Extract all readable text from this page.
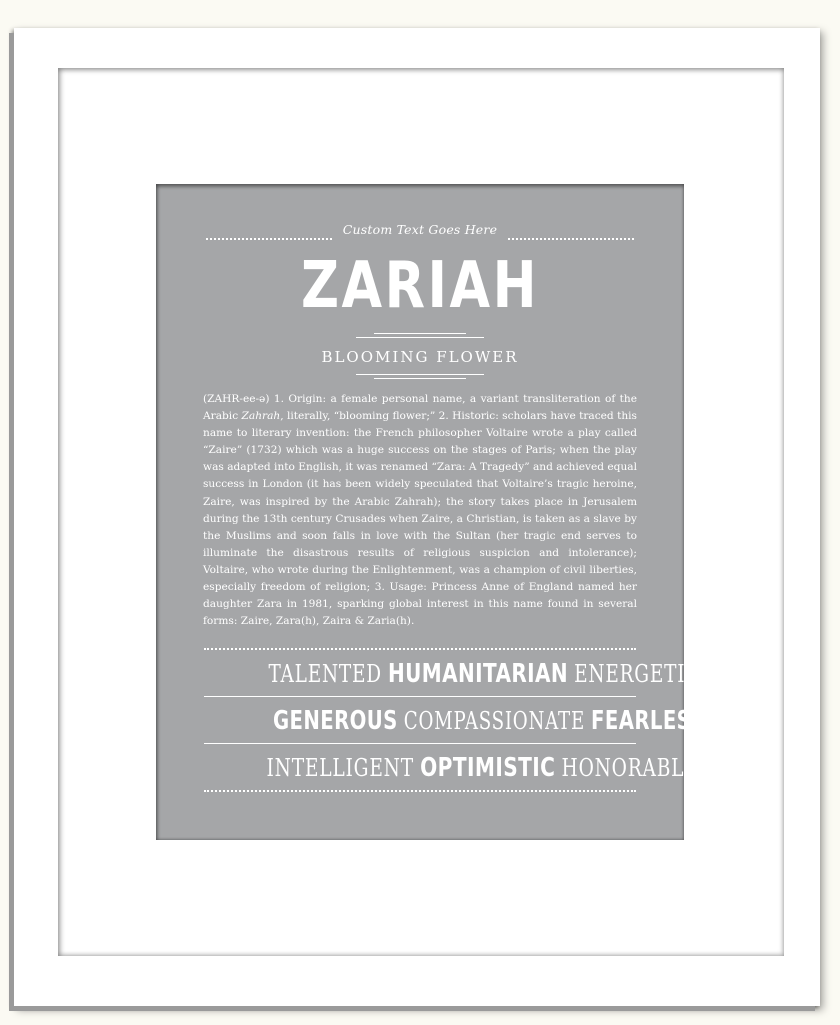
Custom Text Goes Here
ZARIAH
BLOOMING FLOWER
(ZAHR-ee-ə) 1. Origin: a female personal name, a variant transliteration of the Arabic Zahrah, literally, “blooming flower;” 2. Historic: scholars have traced this name to literary invention: the French philosopher Voltaire wrote a play called “Zaire” (1732) which was a huge success on the stages of Paris; when the play was adapted into English, it was renamed “Zara: A Tragedy” and achieved equal success in London (it has been widely speculated that Voltaire’s tragic heroine, Zaire, was inspired by the Arabic Zahrah); the story takes place in Jerusalem during the 13th century Crusades when Zaire, a Christian, is taken as a slave by the Muslims and soon falls in love with the Sultan (her tragic end serves to illuminate the disastrous results of religious suspicion and intolerance); Voltaire, who wrote during the Enlightenment, was a champion of civil liberties, especially freedom of religion; 3. Usage: Princess Anne of England named her daughter Zara in 1981, sparking global interest in this name found in several forms: Zaire, Zara(h), Zaira & Zaria(h).
TALENTED HUMANITARIAN ENERGETIC
GENEROUS COMPASSIONATE FEARLESS
INTELLIGENT OPTIMISTIC HONORABLE
